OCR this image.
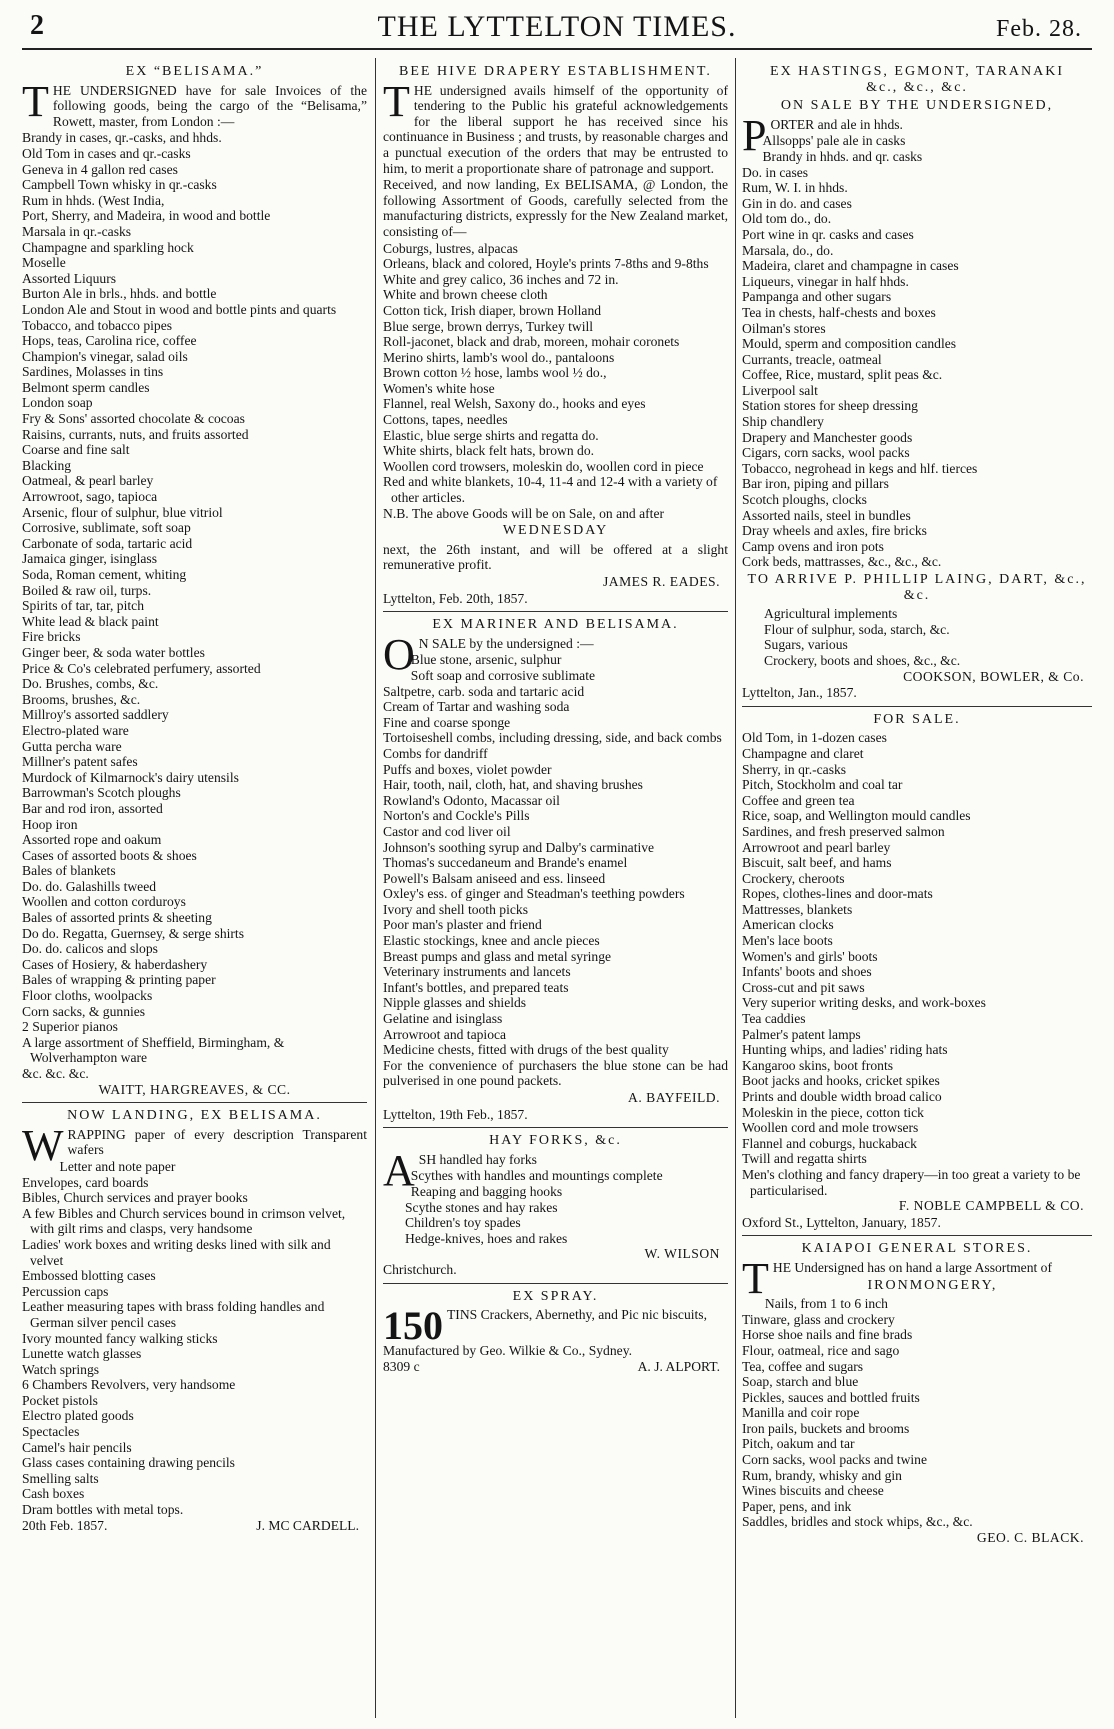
2	THE LYTTELTON TIMES.	Feb. 28.
EX “BELISAMA.”
THE UNDERSIGNED have for sale Invoices of the following goods, being the cargo of the “Belisama,” Rowett, master, from London :—
Brandy in cases, qr.-casks, and hhds.
Old Tom in cases and qr.-casks
Geneva in 4 gallon red cases
Campbell Town whisky in qr.-casks
Rum in hhds. (West India,
Port, Sherry, and Madeira, in wood and bottle
Marsala in qr.-casks
Champagne and sparkling hock
Moselle
Assorted Liquurs
Burton Ale in brls., hhds. and bottle
London Ale and Stout in wood and bottle pints and quarts
Tobacco, and tobacco pipes
Hops, teas, Carolina rice, coffee
Champion's vinegar, salad oils
Sardines, Molasses in tins
Belmont sperm candles
London soap
Fry & Sons' assorted chocolate & cocoas
Raisins, currants, nuts, and fruits assorted
Coarse and fine salt
Blacking
Oatmeal, & pearl barley
Arrowroot, sago, tapioca
Arsenic, flour of sulphur, blue vitriol
Corrosive, sublimate, soft soap
Carbonate of soda, tartaric acid
Jamaica ginger, isinglass
Soda, Roman cement, whiting
Boiled & raw oil, turps.
Spirits of tar, tar, pitch
White lead & black paint
Fire bricks
Ginger beer, & soda water bottles
Price & Co's celebrated perfumery, assorted
Do. Brushes, combs, &c.
Brooms, brushes, &c.
Millroy's assorted saddlery
Electro-plated ware
Gutta percha ware
Millner's patent safes
Murdock of Kilmarnock's dairy utensils
Barrowman's Scotch ploughs
Bar and rod iron, assorted
Hoop iron
Assorted rope and oakum
Cases of assorted boots & shoes
Bales of blankets
Do. do. Galashills tweed
Woollen and cotton corduroys
Bales of assorted prints & sheeting
Do do. Regatta, Guernsey, & serge shirts
Do. do. calicos and slops
Cases of Hosiery, & haberdashery
Bales of wrapping & printing paper
Floor cloths, woolpacks
Corn sacks, & gunnies
2 Superior pianos
A large assortment of Sheffield, Birmingham, & Wolverhampton ware
&c. &c. &c.
WAITT, HARGREAVES, & CC.
NOW LANDING, EX BELISAMA.
WRAPPING paper of every description Transparent wafers
Letter and note paper
Envelopes, card boards
Bibles, Church services and prayer books
A few Bibles and Church services bound in crimson velvet, with gilt rims and clasps, very handsome
Ladies' work boxes and writing desks lined with silk and velvet
Embossed blotting cases
Percussion caps
Leather measuring tapes with brass folding handles and German silver pencil cases
Ivory mounted fancy walking sticks
Lunette watch glasses
Watch springs
6 Chambers Revolvers, very handsome
Pocket pistols
Electro plated goods
Spectacles
Camel's hair pencils
Glass cases containing drawing pencils
Smelling salts
Cash boxes
Dram bottles with metal tops.
20th Feb. 1857.	J. MC CARDELL.
BEE HIVE DRAPERY ESTABLISHMENT.
THE undersigned avails himself of the opportunity of tendering to the Public his grateful acknowledgements for the liberal support he has received since his continuance in Business ; and trusts, by reasonable charges and a punctual execution of the orders that may be entrusted to him, to merit a proportionate share of patronage and support.
Received, and now landing, Ex BELISAMA, @ London, the following Assortment of Goods, carefully selected from the manufacturing districts, expressly for the New Zealand market, consisting of—
Coburgs, lustres, alpacas
Orleans, black and colored, Hoyle's prints 7-8ths and 9-8ths
White and grey calico, 36 inches and 72 in.
White and brown cheese cloth
Cotton tick, Irish diaper, brown Holland
Blue serge, brown derrys, Turkey twill
Roll-jaconet, black and drab, moreen, mohair coronets
Merino shirts, lamb's wool do., pantaloons
Brown cotton ½ hose, lambs wool ½ do.,
Women's white hose
Flannel, real Welsh, Saxony do., hooks and eyes
Cottons, tapes, needles
Elastic, blue serge shirts and regatta do.
White shirts, black felt hats, brown do.
Woollen cord trowsers, moleskin do, woollen cord in piece
Red and white blankets, 10-4, 11-4 and 12-4 with a variety of other articles.
N.B. The above Goods will be on Sale, on and after
WEDNESDAY
next, the 26th instant, and will be offered at a slight remunerative profit.
JAMES R. EADES.
Lyttelton, Feb. 20th, 1857.
EX MARINER AND BELISAMA.
O N SALE by the undersigned :—
Blue stone, arsenic, sulphur
Soft soap and corrosive sublimate
Saltpetre, carb. soda and tartaric acid
Cream of Tartar and washing soda
Fine and coarse sponge
Tortoiseshell combs, including dressing, side, and back combs
Combs for dandriff
Puffs and boxes, violet powder
Hair, tooth, nail, cloth, hat, and shaving brushes
Rowland's Odonto, Macassar oil
Norton's and Cockle's Pills
Castor and cod liver oil
Johnson's soothing syrup and Dalby's carminative
Thomas's succedaneum and Brande's enamel
Powell's Balsam aniseed and ess. linseed
Oxley's ess. of ginger and Steadman's teething powders
Ivory and shell tooth picks
Poor man's plaster and friend
Elastic stockings, knee and ancle pieces
Breast pumps and glass and metal syringe
Veterinary instruments and lancets
Infant's bottles, and prepared teats
Nipple glasses and shields
Gelatine and isinglass
Arrowroot and tapioca
Medicine chests, fitted with drugs of the best quality
For the convenience of purchasers the blue stone can be had pulverised in one pound packets.
A. BAYFEILD.
Lyttelton, 19th Feb., 1857.
HAY FORKS, &c.
ASH handled hay forks
Scythes with handles and mountings complete
Reaping and bagging hooks
Scythe stones and hay rakes
Children's toy spades
Hedge-knives, hoes and rakes
W. WILSON
Christchurch.
EX SPRAY.
150 TINS Crackers, Abernethy, and Pic nic biscuits,
Manufactured by Geo. Wilkie & Co., Sydney.
8309 c	A. J. ALPORT.
EX HASTINGS, EGMONT, TARANAKI
&c., &c., &c.
ON SALE BY THE UNDERSIGNED,
PORTER and ale in hhds.
Allsopps' pale ale in casks
Brandy in hhds. and qr. casks
Do. in cases
Rum, W. I. in hhds.
Gin in do. and cases
Old tom do., do.
Port wine in qr. casks and cases
Marsala, do., do.
Madeira, claret and champagne in cases
Liqueurs, vinegar in half hhds.
Pampanga and other sugars
Tea in chests, half-chests and boxes
Oilman's stores
Mould, sperm and composition candles
Currants, treacle, oatmeal
Coffee, Rice, mustard, split peas &c.
Liverpool salt
Station stores for sheep dressing
Ship chandlery
Drapery and Manchester goods
Cigars, corn sacks, wool packs
Tobacco, negrohead in kegs and hlf. tierces
Bar iron, piping and pillars
Scotch ploughs, clocks
Assorted nails, steel in bundles
Dray wheels and axles, fire bricks
Camp ovens and iron pots
Cork beds, mattrasses, &c., &c., &c.
TO ARRIVE P. PHILLIP LAING, DART, &c., &c.
Agricultural implements
Flour of sulphur, soda, starch, &c.
Sugars, various
Crockery, boots and shoes, &c., &c.
COOKSON, BOWLER, & Co.
Lyttelton, Jan., 1857.
FOR SALE.
Old Tom, in 1-dozen cases
Champagne and claret
Sherry, in qr.-casks
Pitch, Stockholm and coal tar
Coffee and green tea
Rice, soap, and Wellington mould candles
Sardines, and fresh preserved salmon
Arrowroot and pearl barley
Biscuit, salt beef, and hams
Crockery, cheroots
Ropes, clothes-lines and door-mats
Mattresses, blankets
American clocks
Men's lace boots
Women's and girls' boots
Infants' boots and shoes
Cross-cut and pit saws
Very superior writing desks, and work-boxes
Tea caddies
Palmer's patent lamps
Hunting whips, and ladies' riding hats
Kangaroo skins, boot fronts
Boot jacks and hooks, cricket spikes
Prints and double width broad calico
Moleskin in the piece, cotton tick
Woollen cord and mole trowsers
Flannel and coburgs, huckaback
Twill and regatta shirts
Men's clothing and fancy drapery—in too great a variety to be particularised.
F. NOBLE CAMPBELL & CO.
Oxford St., Lyttelton, January, 1857.
KAIAPOI GENERAL STORES.
THE Undersigned has on hand a large Assortment of
IRONMONGERY,
Nails, from 1 to 6 inch
Tinware, glass and crockery
Horse shoe nails and fine brads
Flour, oatmeal, rice and sago
Tea, coffee and sugars
Soap, starch and blue
Pickles, sauces and bottled fruits
Manilla and coir rope
Iron pails, buckets and brooms
Pitch, oakum and tar
Corn sacks, wool packs and twine
Rum, brandy, whisky and gin
Wines biscuits and cheese
Paper, pens, and ink
Saddles, bridles and stock whips, &c., &c.
GEO. C. BLACK.
